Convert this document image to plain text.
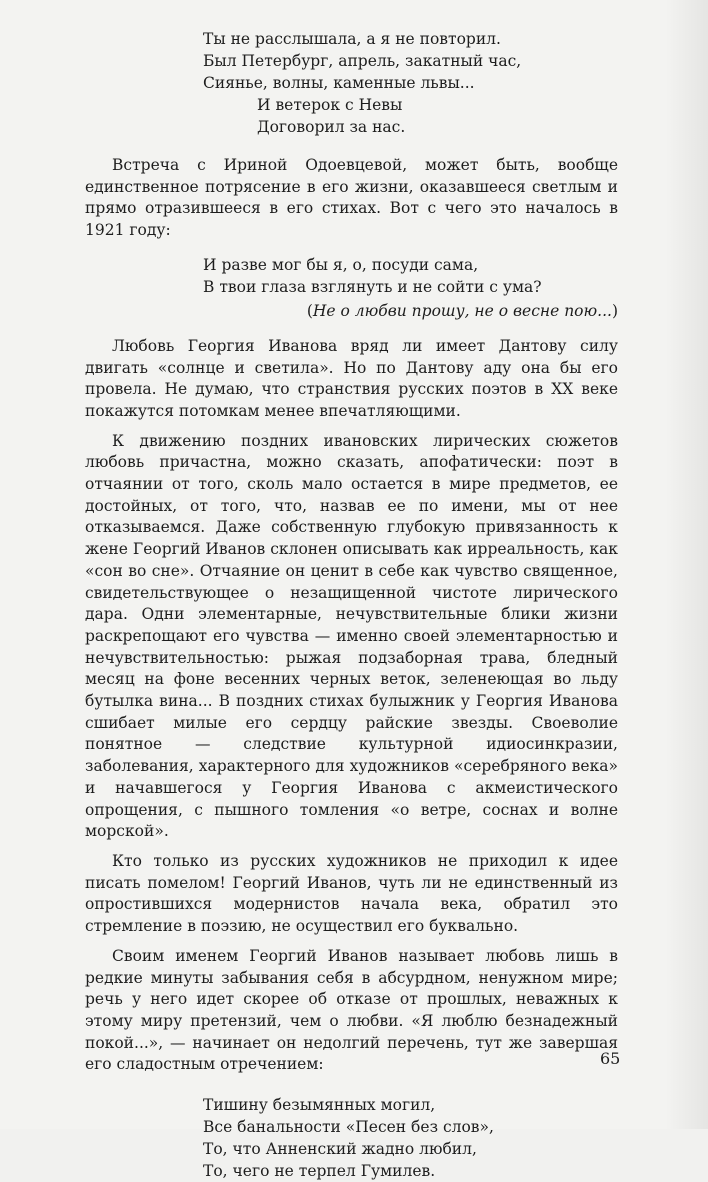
Ты не расслышала, а я не повторил.
Был Петербург, апрель, закатный час,
Сиянье, волны, каменные львы...
И ветерок с Невы
Договорил за нас.

Встреча с Ириной Одоевцевой, может быть, вообще единственное потрясение в его жизни, оказавшееся светлым и прямо отразившееся в его стихах. Вот с чего это началось в 1921 году:

И разве мог бы я, о, посуди сама,
В твои глаза взглянуть и не сойти с ума?

(Не о любви прошу, не о весне пою...)

Любовь Георгия Иванова вряд ли имеет Дантову силу двигать «солнце и светила». Но по Дантову аду она бы его провела. Не думаю, что странствия русских поэтов в XX веке покажутся потомкам менее впечатляющими.

К движению поздних ивановских лирических сюжетов любовь причастна, можно сказать, апофатически: поэт в отчаянии от того, сколь мало остается в мире предметов, ее достойных, от того, что, назвав ее по имени, мы от нее отказываемся. Даже собственную глубокую привязанность к жене Георгий Иванов склонен описывать как ирреальность, как «сон во сне». Отчаяние он ценит в себе как чувство священное, свидетельствующее о незащищенной чистоте лирического дара. Одни элементарные, нечувствительные блики жизни раскрепощают его чувства — именно своей элементарностью и нечувствительностью: рыжая подзаборная трава, бледный месяц на фоне весенних черных веток, зеленеющая во льду бутылка вина... В поздних стихах булыжник у Георгия Иванова сшибает милые его сердцу райские звезды. Своеволие понятное — следствие культурной идиосинкразии, заболевания, характерного для художников «серебряного века» и начавшегося у Георгия Иванова с акмеистического опрощения, с пышного томления «о ветре, соснах и волне морской».

Кто только из русских художников не приходил к идее писать помелом! Георгий Иванов, чуть ли не единственный из опростившихся модернистов начала века, обратил это стремление в поэзию, не осуществил его буквально.

Своим именем Георгий Иванов называет любовь лишь в редкие минуты забывания себя в абсурдном, ненужном мире; речь у него идет скорее об отказе от прошлых, неважных к этому миру претензий, чем о любви. «Я люблю безнадежный покой...», — начинает он недолгий перечень, тут же завершая его сладостным отречением:

Тишину безымянных могил,
Все банальности «Песен без слов»,
То, что Анненский жадно любил,
То, чего не терпел Гумилев.
65
